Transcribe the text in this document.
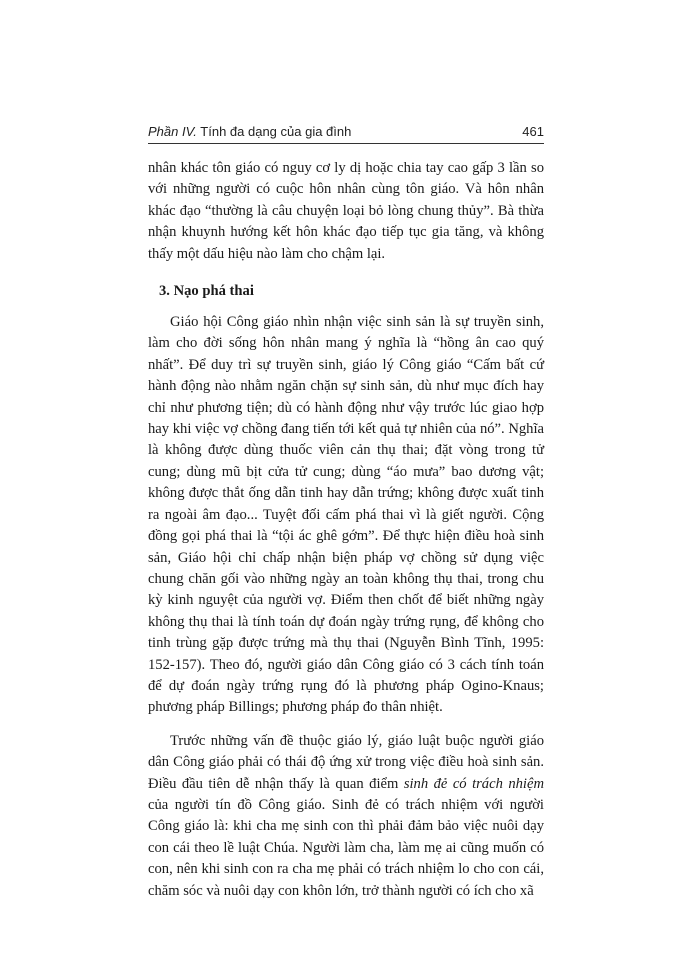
Phần IV. Tính đa dạng của gia đình	461

nhân khác tôn giáo có nguy cơ ly dị hoặc chia tay cao gấp 3 lần so với những người có cuộc hôn nhân cùng tôn giáo. Và hôn nhân khác đạo “thường là câu chuyện loại bỏ lòng chung thủy”. Bà thừa nhận khuynh hướng kết hôn khác đạo tiếp tục gia tăng, và không thấy một dấu hiệu nào làm cho chậm lại.

3. Nạo phá thai

Giáo hội Công giáo nhìn nhận việc sinh sản là sự truyền sinh, làm cho đời sống hôn nhân mang ý nghĩa là “hồng ân cao quý nhất”. Để duy trì sự truyền sinh, giáo lý Công giáo “Cấm bất cứ hành động nào nhằm ngăn chặn sự sinh sản, dù như mục đích hay chỉ như phương tiện; dù có hành động như vậy trước lúc giao hợp hay khi việc vợ chồng đang tiến tới kết quả tự nhiên của nó”. Nghĩa là không được dùng thuốc viên cản thụ thai; đặt vòng trong tử cung; dùng mũ bịt cửa tử cung; dùng “áo mưa” bao dương vật; không được thắt ống dẫn tinh hay dẫn trứng; không được xuất tinh ra ngoài âm đạo... Tuyệt đối cấm phá thai vì là giết người. Cộng đồng gọi phá thai là “tội ác ghê gớm”. Để thực hiện điều hoà sinh sản, Giáo hội chỉ chấp nhận biện pháp vợ chồng sử dụng việc chung chăn gối vào những ngày an toàn không thụ thai, trong chu kỳ kinh nguyệt của người vợ. Điểm then chốt để biết những ngày không thụ thai là tính toán dự đoán ngày trứng rụng, để không cho tinh trùng gặp được trứng mà thụ thai (Nguyễn Bình Tĩnh, 1995: 152-157). Theo đó, người giáo dân Công giáo có 3 cách tính toán để dự đoán ngày trứng rụng đó là phương pháp Ogino-Knaus; phương pháp Billings; phương pháp đo thân nhiệt.

Trước những vấn đề thuộc giáo lý, giáo luật buộc người giáo dân Công giáo phải có thái độ ứng xử trong việc điều hoà sinh sản. Điều đầu tiên dễ nhận thấy là quan điểm sinh đẻ có trách nhiệm của người tín đồ Công giáo. Sinh đẻ có trách nhiệm với người Công giáo là: khi cha mẹ sinh con thì phải đảm bảo việc nuôi dạy con cái theo lề luật Chúa. Người làm cha, làm mẹ ai cũng muốn có con, nên khi sinh con ra cha mẹ phải có trách nhiệm lo cho con cái, chăm sóc và nuôi dạy con khôn lớn, trở thành người có ích cho xã
